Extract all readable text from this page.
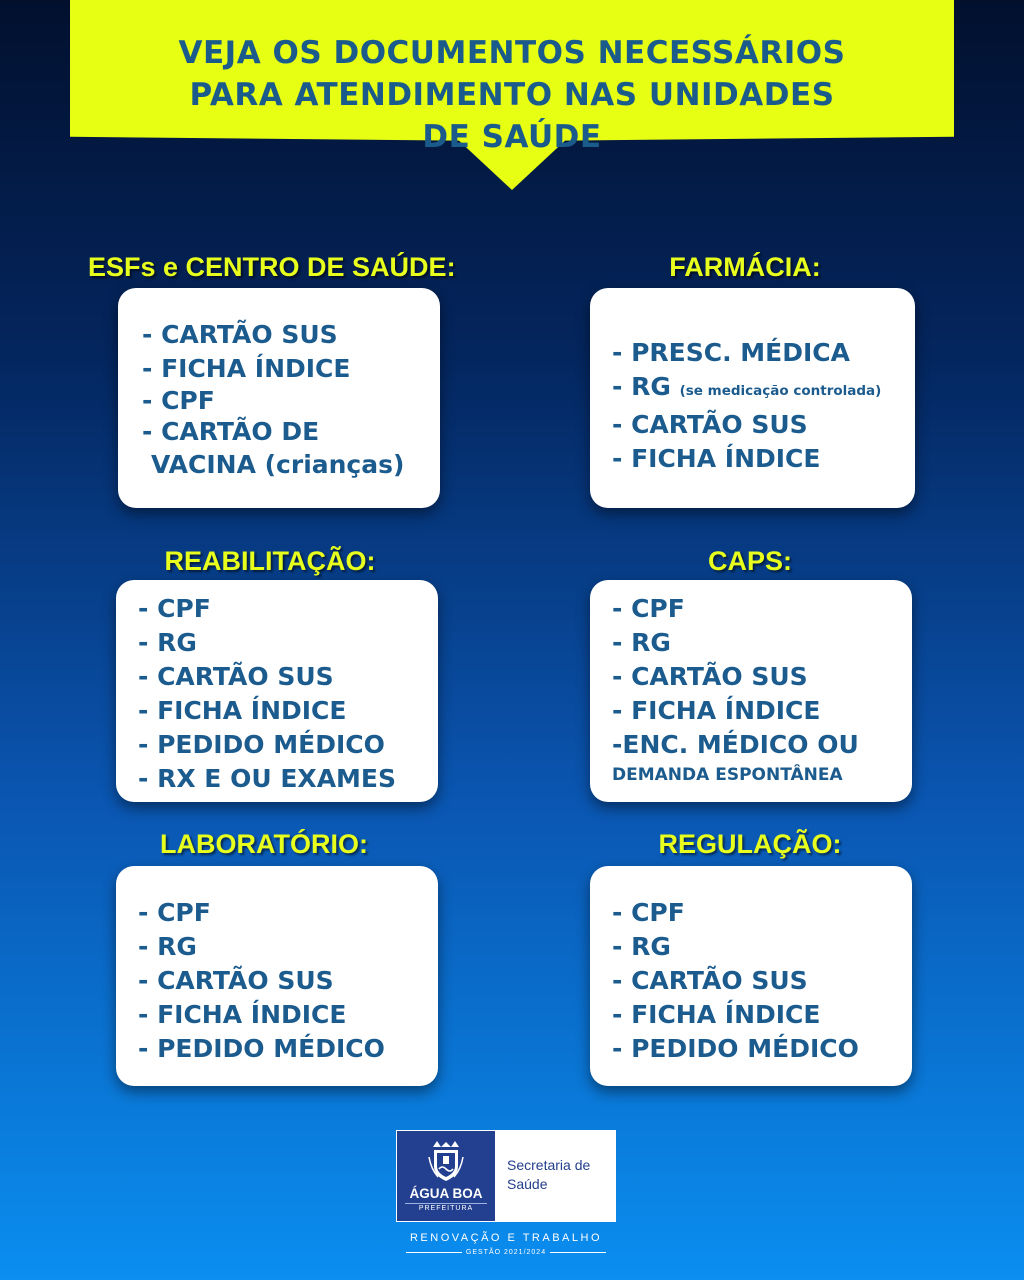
VEJA OS DOCUMENTOS NECESSÁRIOS
PARA ATENDIMENTO NAS UNIDADES
DE SAÚDE
ESFs e CENTRO DE SAÚDE:
- CARTÃO SUS
- FICHA ÍNDICE
- CPF
- CARTÃO DE
VACINA (crianças)
FARMÁCIA:
- PRESC. MÉDICA
- RG (se medicação controlada)
- CARTÃO SUS
- FICHA ÍNDICE
REABILITAÇÃO:
- CPF
- RG
- CARTÃO SUS
- FICHA ÍNDICE
- PEDIDO MÉDICO
- RX E OU EXAMES
CAPS:
- CPF
- RG
- CARTÃO SUS
- FICHA ÍNDICE
-ENC. MÉDICO OU
DEMANDA ESPONTÂNEA
LABORATÓRIO:
- CPF
- RG
- CARTÃO SUS
- FICHA ÍNDICE
- PEDIDO MÉDICO
REGULAÇÃO:
- CPF
- RG
- CARTÃO SUS
- FICHA ÍNDICE
- PEDIDO MÉDICO
ÁGUA BOA
PREFEITURA
Secretaria de
Saúde
RENOVAÇÃO E TRABALHO
GESTÃO 2021/2024
